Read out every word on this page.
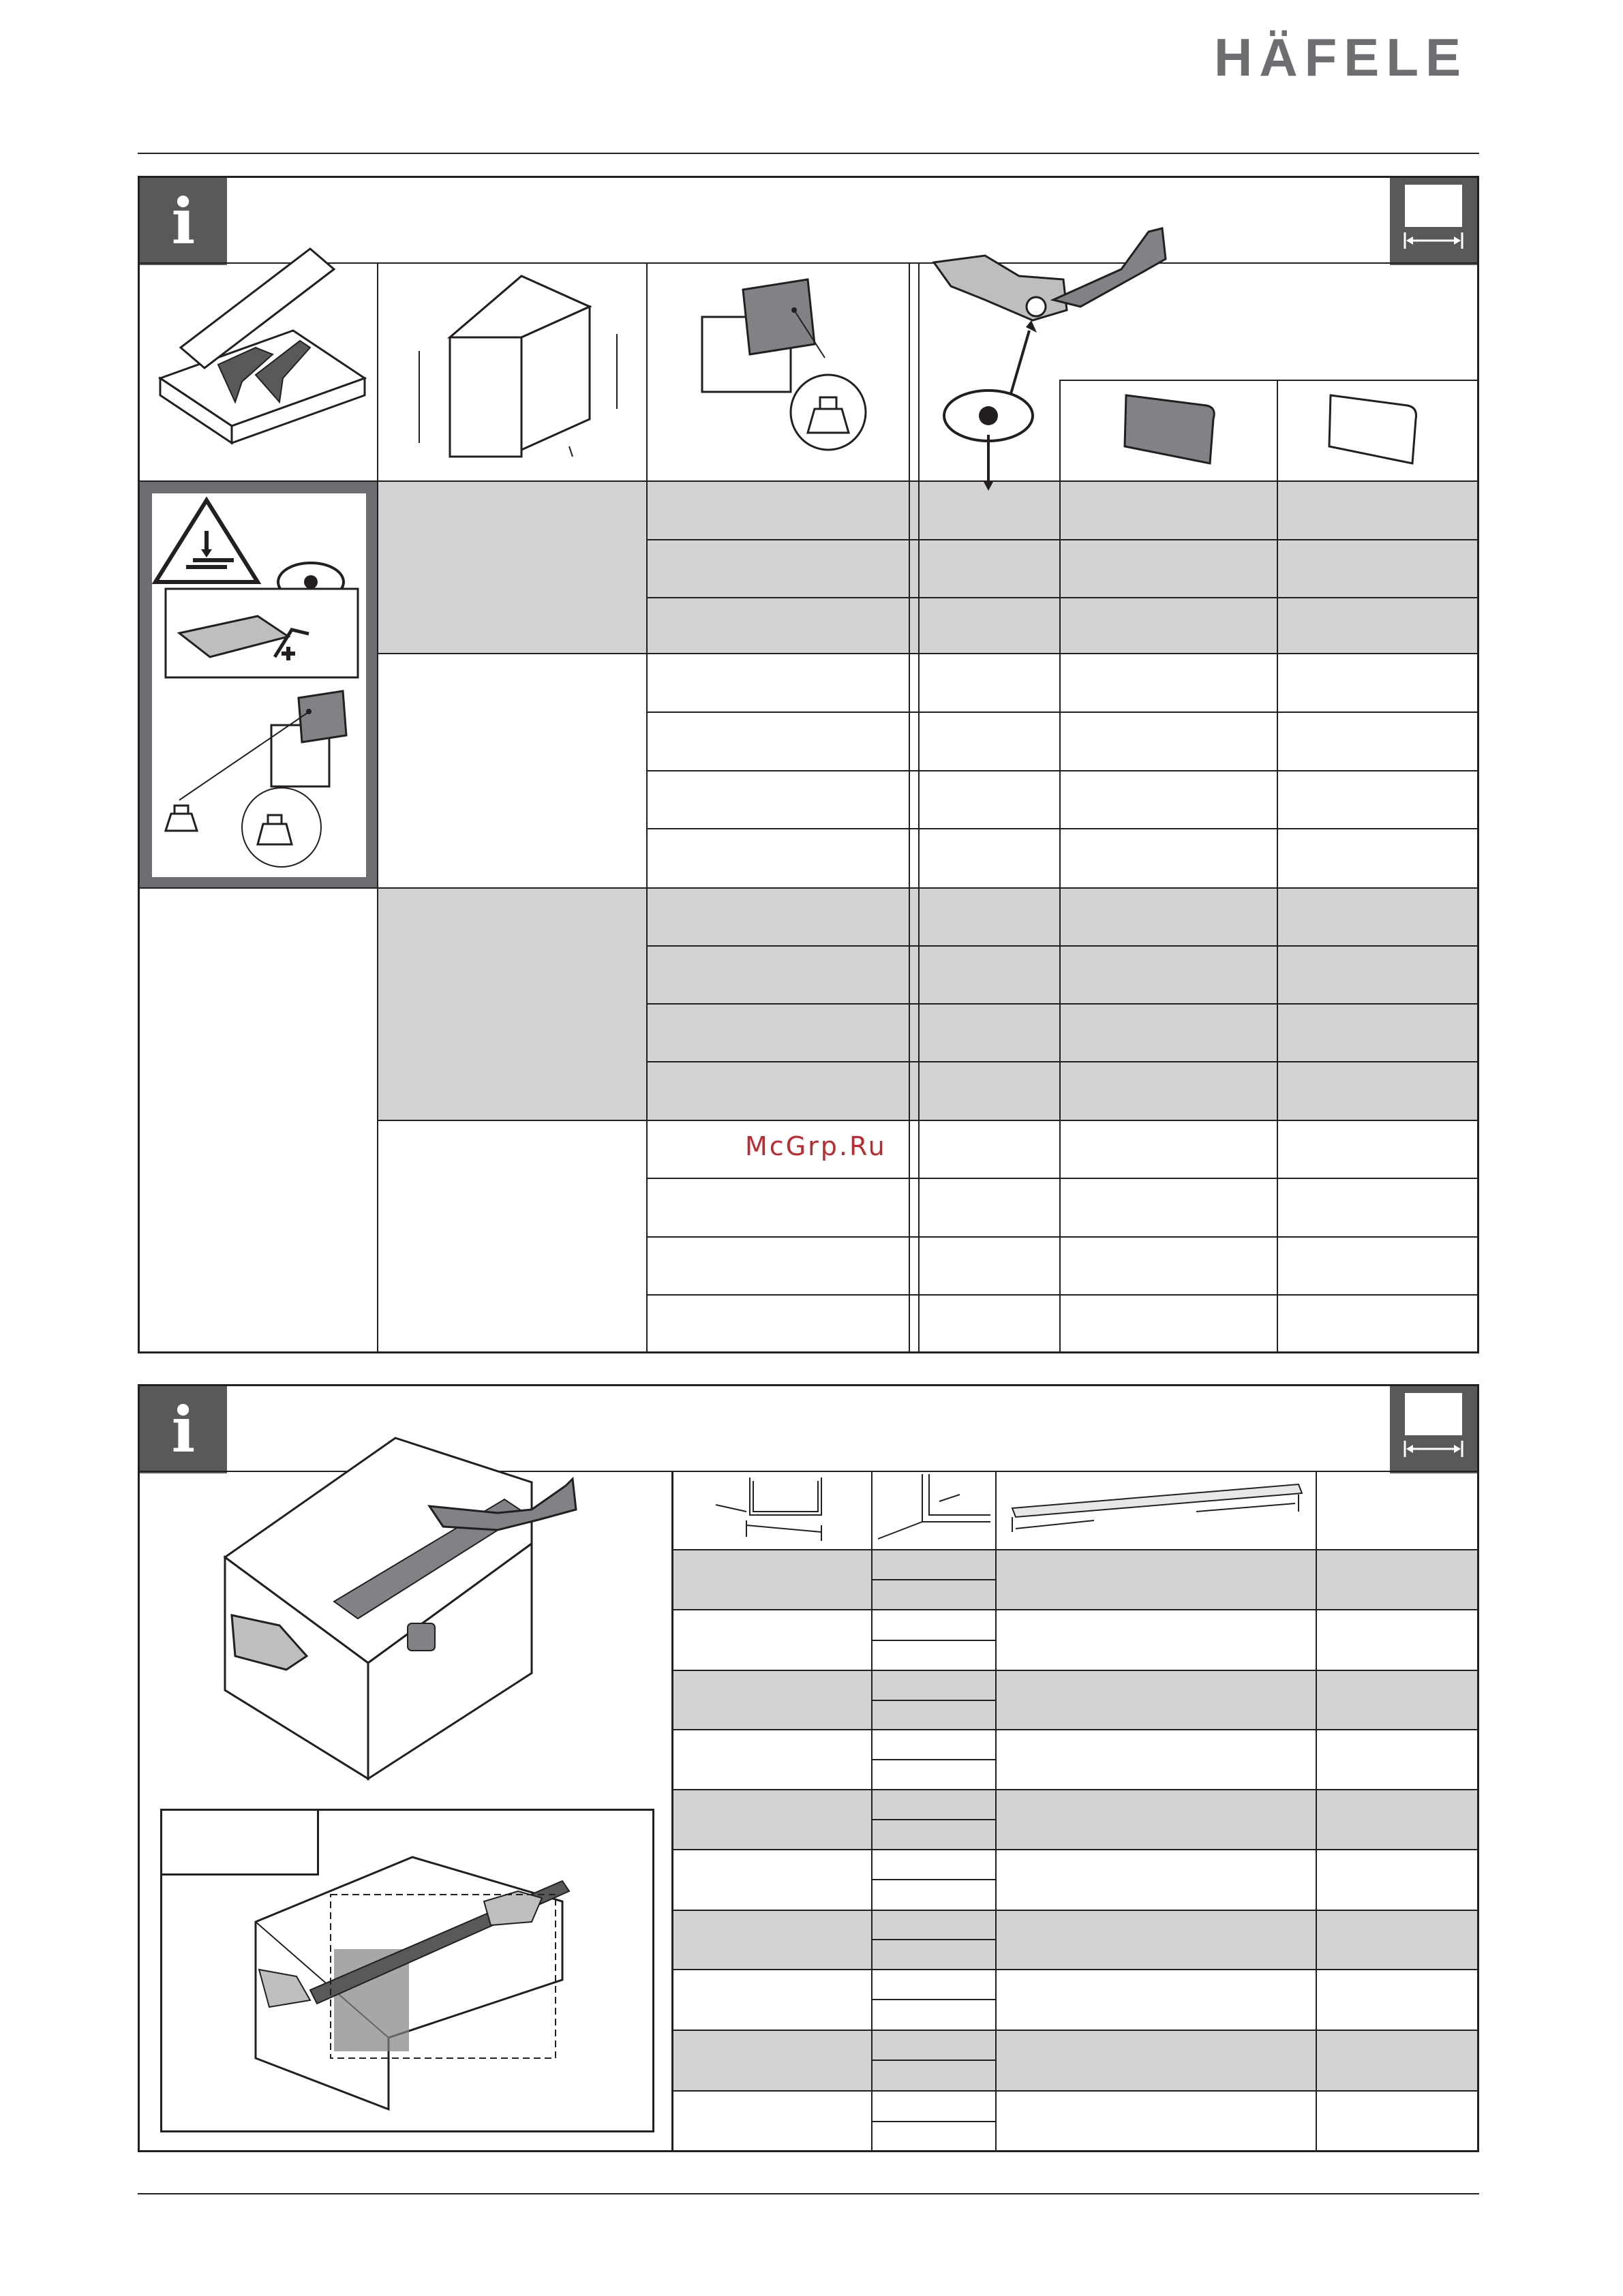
HÄFELE
i
McGrp.Ru
i
